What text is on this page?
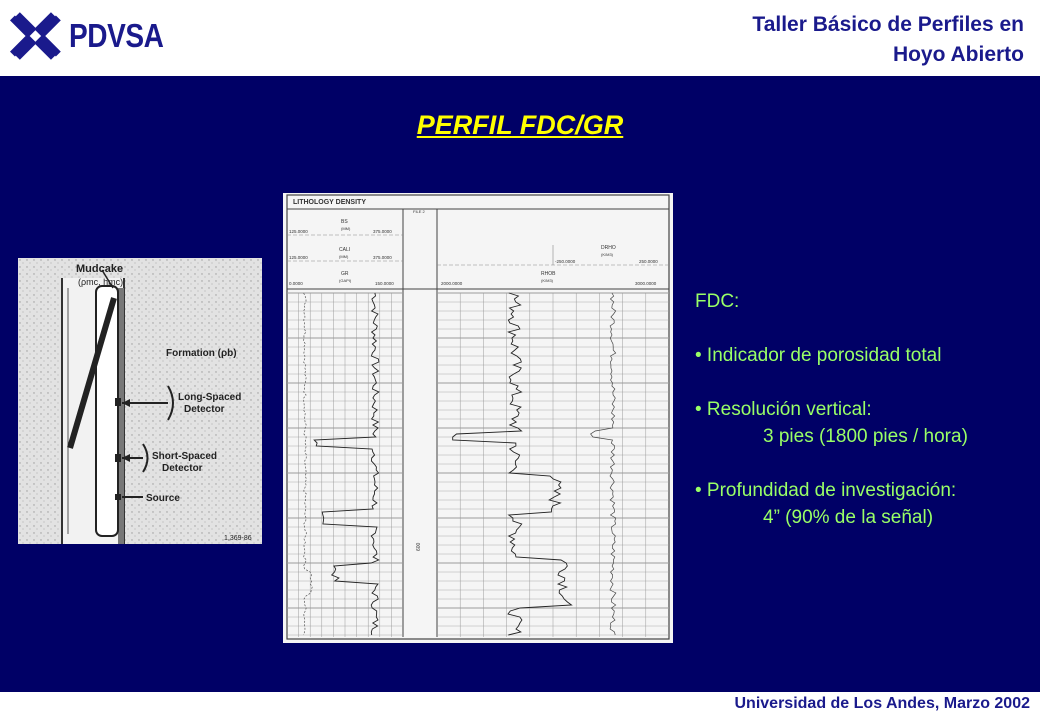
PDVSA	Taller Básico de Perfiles en
Hoyo Abierto
PERFIL FDC/GR
Mudcake
(ρmc, hmc)
Formation (ρb)
Long-Spaced
Detector
Short-Spaced
Detector
Source
1,369-86
LITHOLOGY DENSITY
FILE 2
BS
(MM)
125.0000	375.0000
CALI
(MM)
125.0000	375.0000
GR
(GAPI)
0.0000	150.0000
DRHO
(K/M3)
-250.0000	250.0000
RHOB
(K/M3)
2000.0000	3000.0000
600
FDC:
• Indicador de porosidad total
• Resolución vertical:
3 pies (1800 pies / hora)
• Profundidad de investigación:
4” (90% de la señal)
Universidad de Los Andes, Marzo 2002
